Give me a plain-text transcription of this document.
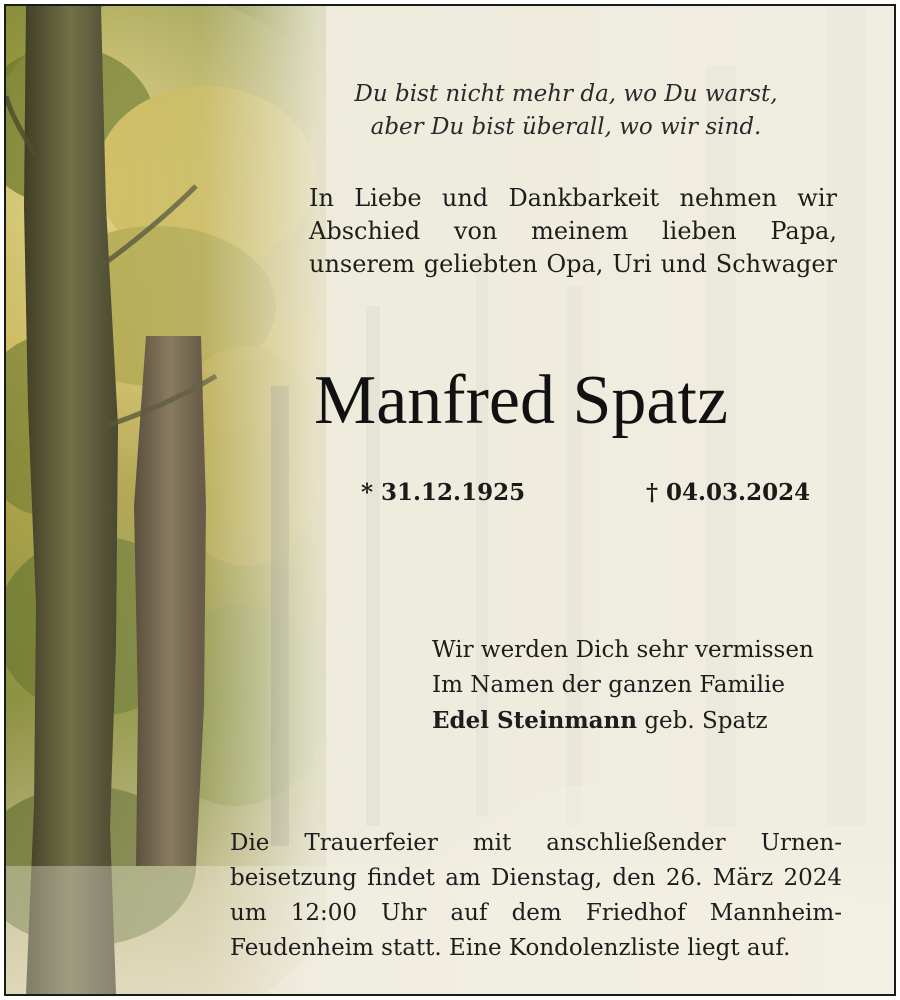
Du bist nicht mehr da, wo Du warst,
aber Du bist überall, wo wir sind.
In Liebe und Dankbarkeit nehmen wir
Abschied von meinem lieben Papa,
unserem geliebten Opa, Uri und Schwager
Manfred Spatz
* 31.12.1925	† 04.03.2024
Wir werden Dich sehr vermissen
Im Namen der ganzen Familie
Edel Steinmann geb. Spatz
Die Trauerfeier mit anschließender Urnen-
beisetzung findet am Dienstag, den 26. März 2024
um 12:00 Uhr auf dem Friedhof Mannheim-
Feudenheim statt. Eine Kondolenzliste liegt auf.
